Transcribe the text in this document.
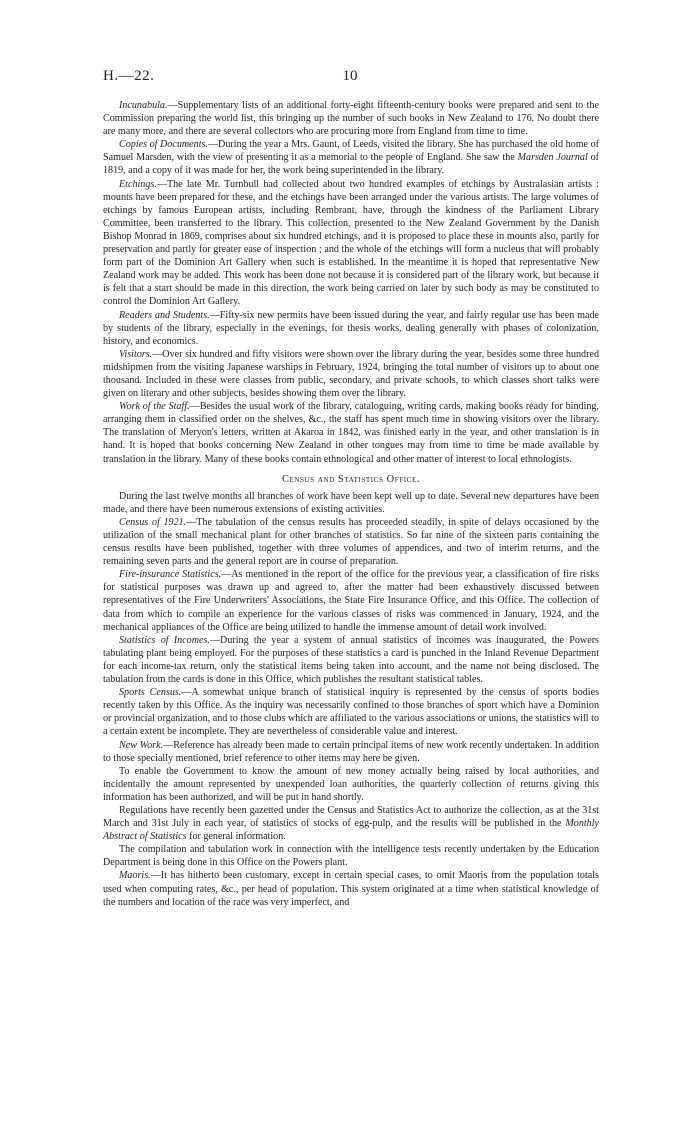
H.—22.	10

Incunabula.—Supplementary lists of an additional forty-eight fifteenth-century books were prepared and sent to the Commission preparing the world list, this bringing up the number of such books in New Zealand to 176. No doubt there are many more, and there are several collectors who are procuring more from England from time to time.

Copies of Documents.—During the year a Mrs. Gaunt, of Leeds, visited the library. She has purchased the old home of Samuel Marsden, with the view of presenting it as a memorial to the people of England. She saw the Marsden Journal of 1819, and a copy of it was made for her, the work being superintended in the library.

Etchings.—The late Mr. Turnbull had collected about two hundred examples of etchings by Australasian artists : mounts have been prepared for these, and the etchings have been arranged under the various artists. The large volumes of etchings by famous European artists, including Rembrant, have, through the kindness of the Parliament Library Committee, been transferred to the library. This collection, presented to the New Zealand Government by the Danish Bishop Monrad in 1869, comprises about six hundred etchings, and it is proposed to place these in mounts also, partly for preservation and partly for greater ease of inspection ; and the whole of the etchings will form a nucleus that will probably form part of the Dominion Art Gallery when such is established. In the meantime it is hoped that representative New Zealand work may be added. This work has been done not because it is considered part of the library work, but because it is felt that a start should be made in this direction, the work being carried on later by such body as may be constituted to control the Dominion Art Gallery.

Readers and Students.—Fifty-six new permits have been issued during the year, and fairly regular use has been made by students of the library, especially in the evenings, for thesis works, dealing generally with phases of colonization, history, and economics.

Visitors.—Over six hundred and fifty visitors were shown over the library during the year, besides some three hundred midshipmen from the visiting Japanese warships in February, 1924, bringing the total number of visitors up to about one thousand. Included in these were classes from public, secondary, and private schools, to which classes short talks were given on literary and other subjects, besides showing them over the library.

Work of the Staff.—Besides the usual work of the library, cataloguing, writing cards, making books ready for binding, arranging them in classified order on the shelves, &c., the staff has spent much time in showing visitors over the library. The translation of Meryon's letters, written at Akaroa in 1842, was finished early in the year, and other translation is in hand. It is hoped that books concerning New Zealand in other tongues may from time to time be made available by translation in the library. Many of these books contain ethnological and other matter of interest to local ethnologists.

Census and Statistics Office.

During the last twelve months all branches of work have been kept well up to date. Several new departures have been made, and there have been numerous extensions of existing activities.

Census of 1921.—The tabulation of the census results has proceeded steadily, in spite of delays occasioned by the utilization of the small mechanical plant for other branches of statistics. So far nine of the sixteen parts containing the census results have been published, together with three volumes of appendices, and two of interim returns, and the remaining seven parts and the general report are in course of preparation.

Fire-insurance Statistics.—As mentioned in the report of the office for the previous year, a classification of fire risks for statistical purposes was drawn up and agreed to, after the matter had been exhaustively discussed between representatives of the Fire Underwriters' Associations, the State Fire Insurance Office, and this Office. The collection of data from which to compile an experience for the various classes of risks was commenced in January, 1924, and the mechanical appliances of the Office are being utilized to handle the immense amount of detail work involved.

Statistics of Incomes.—During the year a system of annual statistics of incomes was inaugurated, the Powers tabulating plant being employed. For the purposes of these statistics a card is punched in the Inland Revenue Department for each income-tax return, only the statistical items being taken into account, and the name not being disclosed. The tabulation from the cards is done in this Office, which publishes the resultant statistical tables.

Sports Census.—A somewhat unique branch of statistical inquiry is represented by the census of sports bodies recently taken by this Office. As the inquiry was necessarily confined to those branches of sport which have a Dominion or provincial organization, and to those clubs which are affiliated to the various associations or unions, the statistics will to a certain extent be incomplete. They are nevertheless of considerable value and interest.

New Work.—Reference has already been made to certain principal items of new work recently undertaken. In addition to those specially mentioned, brief reference to other items may here be given.

To enable the Government to know the amount of new money actually being raised by local authorities, and incidentally the amount represented by unexpended loan authorities, the quarterly collection of returns giving this information has been authorized, and will be put in hand shortly.

Regulations have recently been gazetted under the Census and Statistics Act to authorize the collection, as at the 31st March and 31st July in each year, of statistics of stocks of egg-pulp, and the results will be published in the Monthly Abstract of Statistics for general information.

The compilation and tabulation work in connection with the intelligence tests recently undertaken by the Education Department is being done in this Office on the Powers plant.

Maoris.—It has hitherto been customary, except in certain special cases, to omit Maoris from the population totals used when computing rates, &c., per head of population. This system originated at a time when statistical knowledge of the numbers and location of the race was very imperfect, and
